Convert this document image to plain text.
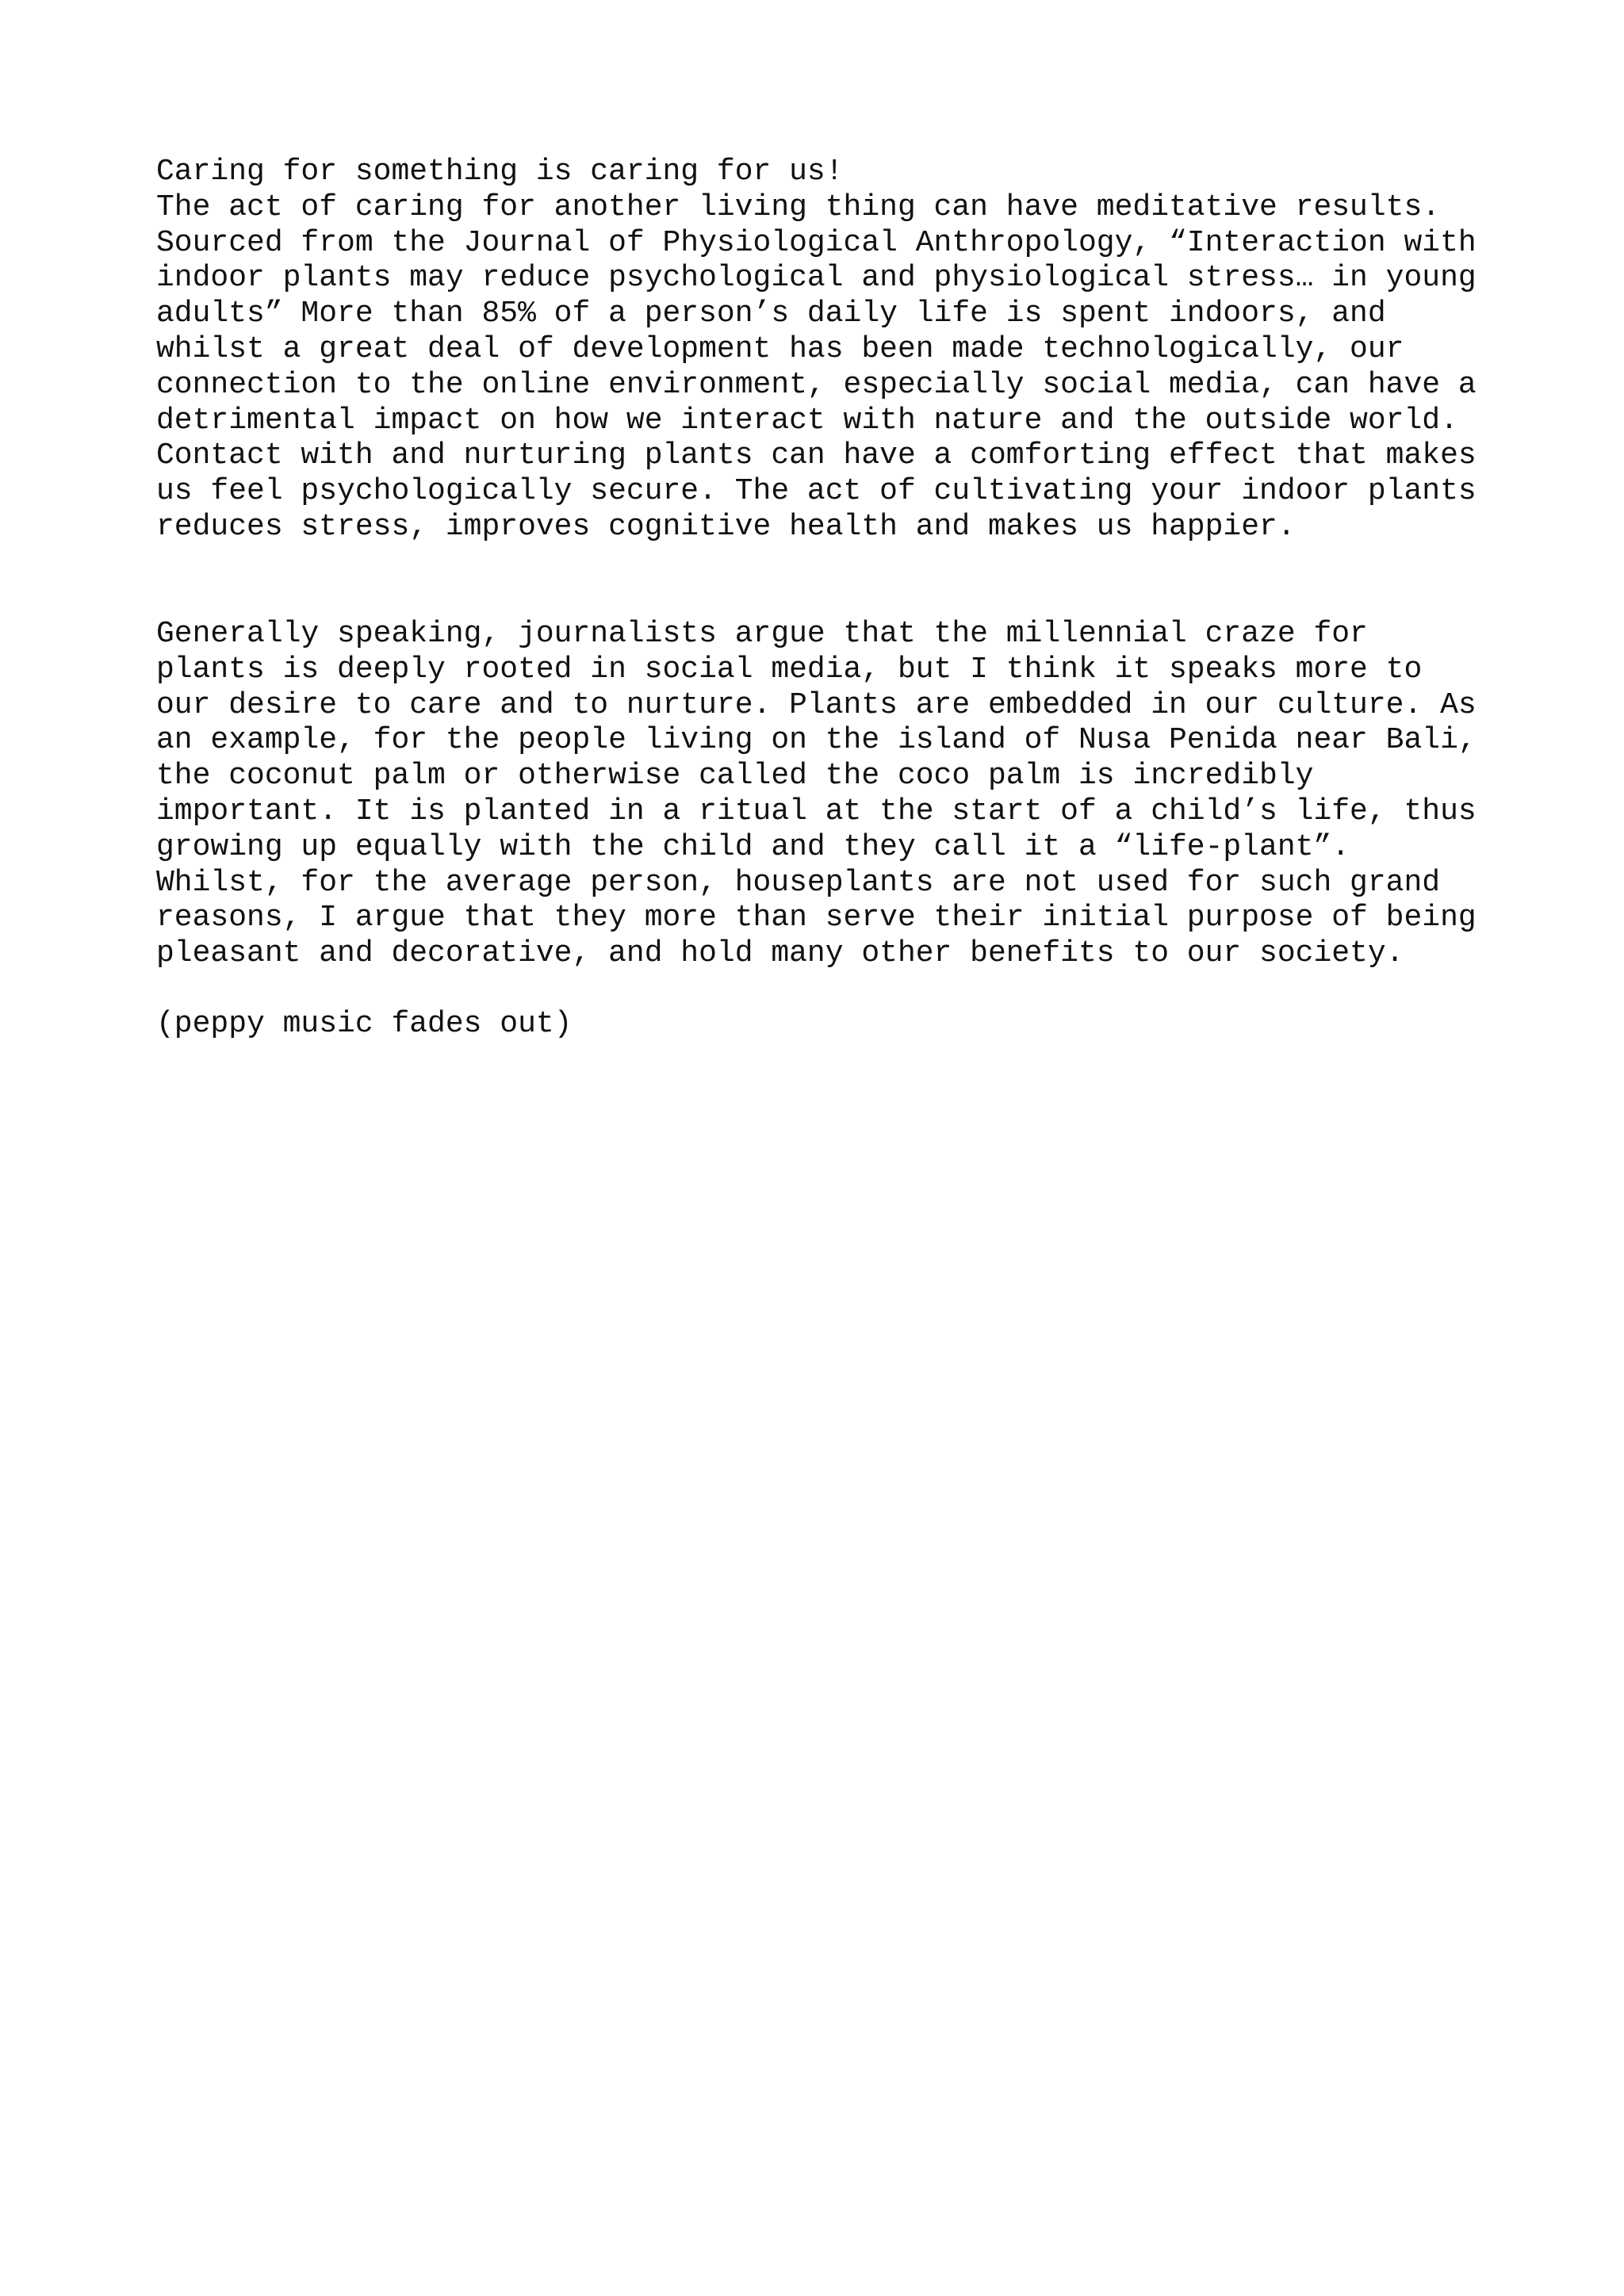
Caring for something is caring for us!
The act of caring for another living thing can have meditative results.
Sourced from the Journal of Physiological Anthropology, “Interaction with
indoor plants may reduce psychological and physiological stress… in young
adults” More than 85% of a person’s daily life is spent indoors, and
whilst a great deal of development has been made technologically, our
connection to the online environment, especially social media, can have a
detrimental impact on how we interact with nature and the outside world.
Contact with and nurturing plants can have a comforting effect that makes
us feel psychologically secure. The act of cultivating your indoor plants
reduces stress, improves cognitive health and makes us happier.
Generally speaking, journalists argue that the millennial craze for
plants is deeply rooted in social media, but I think it speaks more to
our desire to care and to nurture. Plants are embedded in our culture. As
an example, for the people living on the island of Nusa Penida near Bali,
the coconut palm or otherwise called the coco palm is incredibly
important. It is planted in a ritual at the start of a child’s life, thus
growing up equally with the child and they call it a “life-plant”.
Whilst, for the average person, houseplants are not used for such grand
reasons, I argue that they more than serve their initial purpose of being
pleasant and decorative, and hold many other benefits to our society.
(peppy music fades out)
